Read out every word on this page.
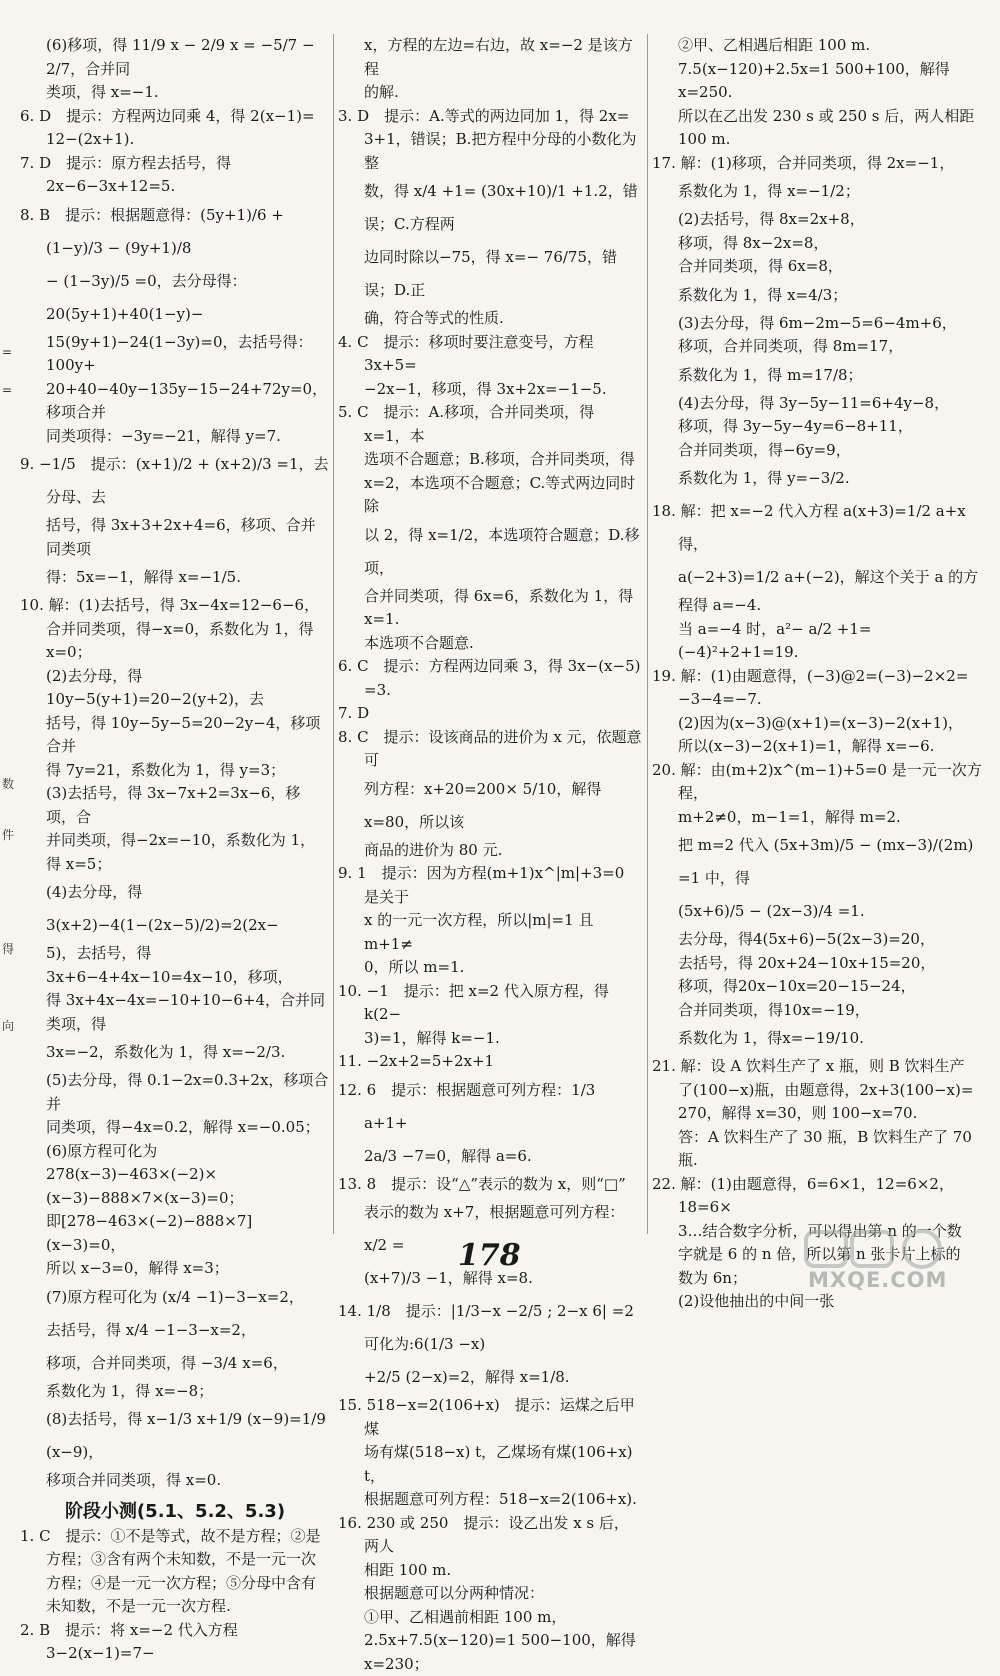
(6)移项，得 11/9 x − 2/9 x = −5/7 − 2/7，合并同

类项，得 x=−1.

6. D　提示：方程两边同乘 4，得 2(x−1)=

12−(2x+1).

7. D　提示：原方程去括号，得 2x−6−3x+12=5.

8. B　提示：根据题意得：(5y+1)/6 + (1−y)/3 − (9y+1)/8

− (1−3y)/5 =0，去分母得：20(5y+1)+40(1−y)−

15(9y+1)−24(1−3y)=0，去括号得：100y+

20+40−40y−135y−15−24+72y=0，移项合并

同类项得：−3y=−21，解得 y=7.

9. −1/5　提示：(x+1)/2 + (x+2)/3 =1，去分母、去

括号，得 3x+3+2x+4=6，移项、合并同类项

得：5x=−1，解得 x=−1/5.

10. 解：(1)去括号，得 3x−4x=12−6−6，

合并同类项，得−x=0，系数化为 1，得 x=0；

(2)去分母，得 10y−5(y+1)=20−2(y+2)，去

括号，得 10y−5y−5=20−2y−4，移项合并

得 7y=21，系数化为 1，得 y=3；

(3)去括号，得 3x−7x+2=3x−6，移项，合

并同类项，得−2x=−10，系数化为 1，得 x=5；

(4)去分母，得3(x+2)−4(1−(2x−5)/2)=2(2x−

5)，去括号，得 3x+6−4+4x−10=4x−10，移项，

得 3x+4x−4x=−10+10−6+4，合并同类项，得

3x=−2，系数化为 1，得 x=−2/3.

(5)去分母，得 0.1−2x=0.3+2x，移项合并

同类项，得−4x=0.2，解得 x=−0.05；

(6)原方程可化为 278(x−3)−463×(−2)×

(x−3)−888×7×(x−3)=0；

即[278−463×(−2)−888×7](x−3)=0，

所以 x−3=0，解得 x=3；

(7)原方程可化为 (x/4 −1)−3−x=2，

去括号，得 x/4 −1−3−x=2，

移项，合并同类项，得 −3/4 x=6，

系数化为 1，得 x=−8；

(8)去括号，得 x−1/3 x+1/9 (x−9)=1/9 (x−9)，

移项合并同类项，得 x=0.

阶段小测(5.1、5.2、5.3)

1. C　提示：①不是等式，故不是方程；②是

方程；③含有两个未知数，不是一元一次

方程；④是一元一次方程；⑤分母中含有

未知数，不是一元一次方程.

2. B　提示：将 x=−2 代入方程 3−2(x−1)=7−

x，方程的左边=右边，故 x=−2 是该方程

的解.

3. D　提示：A.等式的两边同加 1，得 2x=

3+1，错误；B.把方程中分母的小数化为整

数，得 x/4 +1= (30x+10)/1 +1.2，错误；C.方程两

边同时除以−75，得 x=− 76/75，错误；D.正

确，符合等式的性质.

4. C　提示：移项时要注意变号，方程 3x+5=

−2x−1，移项，得 3x+2x=−1−5.

5. C　提示：A.移项，合并同类项，得 x=1，本

选项不合题意；B.移项，合并同类项，得

x=2，本选项不合题意；C.等式两边同时除

以 2，得 x=1/2，本选项符合题意；D.移项，

合并同类项，得 6x=6，系数化为 1，得 x=1.

本选项不合题意.

6. C　提示：方程两边同乘 3，得 3x−(x−5)

=3.

7. D

8. C　提示：设该商品的进价为 x 元，依题意可

列方程：x+20=200× 5/10，解得 x=80，所以该

商品的进价为 80 元.

9. 1　提示：因为方程(m+1)x^|m|+3=0 是关于

x 的一元一次方程，所以|m|=1 且 m+1≠

0，所以 m=1.

10. −1　提示：把 x=2 代入原方程，得 k(2−

3)=1，解得 k=−1.

11. −2x+2=5+2x+1

12. 6　提示：根据题意可列方程：1/3 a+1+

2a/3 −7=0，解得 a=6.

13. 8　提示：设“△”表示的数为 x，则“□”

表示的数为 x+7，根据题意可列方程：x/2 =

(x+7)/3 −1，解得 x=8.

14. 1/8　提示：|1/3−x −2/5 ; 2−x 6| =2 可化为:6(1/3 −x)

+2/5 (2−x)=2，解得 x=1/8.

15. 518−x=2(106+x)　提示：运煤之后甲煤

场有煤(518−x) t，乙煤场有煤(106+x) t，

根据题意可列方程：518−x=2(106+x).

16. 230 或 250　提示：设乙出发 x s 后，两人

相距 100 m.

根据题意可以分两种情况：

①甲、乙相遇前相距 100 m，

2.5x+7.5(x−120)=1 500−100，解得 x=230；

②甲、乙相遇后相距 100 m.

7.5(x−120)+2.5x=1 500+100，解得 x=250.

所以在乙出发 230 s 或 250 s 后，两人相距

100 m.

17. 解：(1)移项，合并同类项，得 2x=−1，

系数化为 1，得 x=−1/2；

(2)去括号，得 8x=2x+8，

移项，得 8x−2x=8，

合并同类项，得 6x=8，

系数化为 1，得 x=4/3；

(3)去分母，得 6m−2m−5=6−4m+6，

移项，合并同类项，得 8m=17，

系数化为 1，得 m=17/8；

(4)去分母，得 3y−5y−11=6+4y−8，

移项，得 3y−5y−4y=6−8+11，

合并同类项，得−6y=9，

系数化为 1，得 y=−3/2.

18. 解：把 x=−2 代入方程 a(x+3)=1/2 a+x得，

a(−2+3)=1/2 a+(−2)，解这个关于 a 的方

程得 a=−4.

当 a=−4 时，a²− a/2 +1=(−4)²+2+1=19.

19. 解：(1)由题意得，(−3)@2=(−3)−2×2=

−3−4=−7.

(2)因为(x−3)@(x+1)=(x−3)−2(x+1)，

所以(x−3)−2(x+1)=1，解得 x=−6.

20. 解：由(m+2)x^(m−1)+5=0 是一元一次方程，

m+2≠0，m−1=1，解得 m=2.

把 m=2 代入 (5x+3m)/5 − (mx−3)/(2m) =1 中，得

(5x+6)/5 − (2x−3)/4 =1.

去分母，得4(5x+6)−5(2x−3)=20，

去括号，得 20x+24−10x+15=20，

移项，得20x−10x=20−15−24，

合并同类项，得10x=−19，

系数化为 1，得x=−19/10.

21. 解：设 A 饮料生产了 x 瓶，则 B 饮料生产

了(100−x)瓶，由题意得，2x+3(100−x)=

270，解得 x=30，则 100−x=70.

答：A 饮料生产了 30 瓶，B 饮料生产了 70 瓶.

22. 解：(1)由题意得，6=6×1，12=6×2，18=6×

3…结合数字分析，可以得出第 n 的一个数

字就是 6 的 n 倍，所以第 n 张卡片上标的

数为 6n；

(2)设他抽出的中间一张

=
=
数
件
得
向
178
MXQE.COM
